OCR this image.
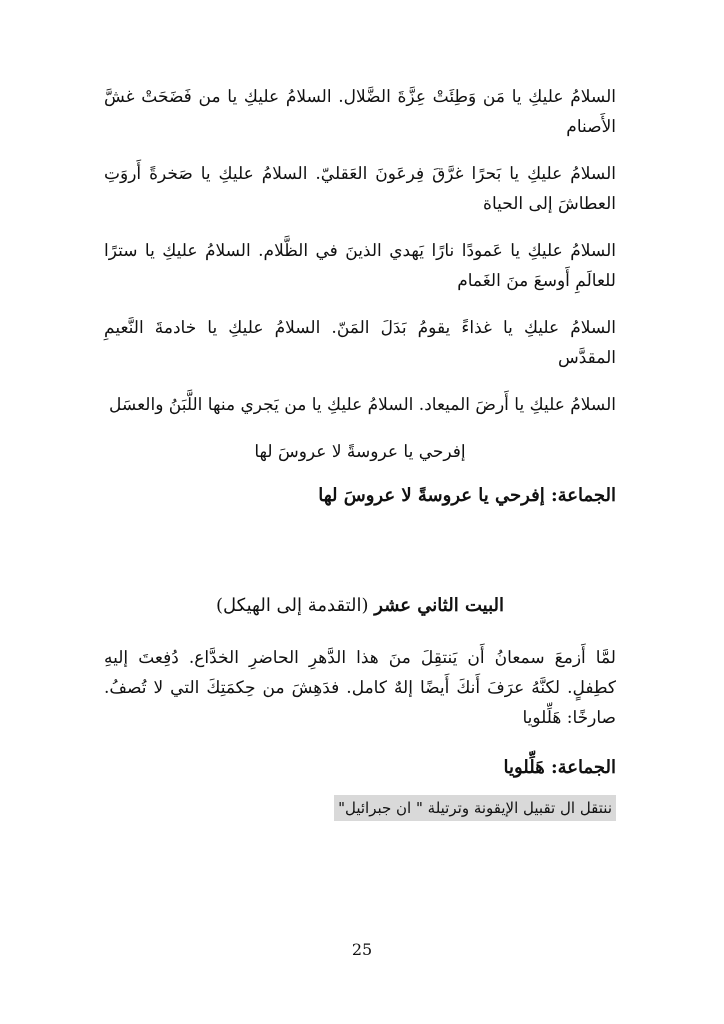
السلامُ عليكِ يا مَن وَطِئَتْ عِزَّةَ الضَّلال. السلامُ عليكِ يا من فَضَحَتْ غشَّ الأَصنام

السلامُ عليكِ يا بَحرًا غرَّقَ فِرعَونَ العَقليّ. السلامُ عليكِ يا صَخرةً أَروَتِ العطاشَ إلى الحياة

السلامُ عليكِ يا عَمودًا نارًا يَهدي الذينَ في الظَّلام. السلامُ عليكِ يا سترًا للعالَمِ أَوسعَ منَ الغَمام

السلامُ عليكِ يا غذاءً يقومُ بَدَلَ المَنّ. السلامُ عليكِ يا خادمةَ النَّعيمِ المقدَّس

السلامُ عليكِ يا أَرضَ الميعاد. السلامُ عليكِ يا من يَجري منها اللَّبَنُ والعسَل

إفرحي يا عروسةً لا عروسَ لها

الجماعة: إفرحي يا عروسةً لا عروسَ لها

البيت الثاني عشر (التقدمة إلى الهيكل)

لمَّا أَزمعَ سمعانُ أَن يَنتقِلَ منَ هذا الدَّهرِ الحاضرِ الخدَّاع. دُفِعتَ إليهِ كطِفلٍ. لكنَّهُ عرَفَ أَنكَ أَيضًا إلهٌ كامل. فدَهِشَ من حِكمَتِكَ التي لا تُصفُ. صارخًا: هَلِّلويا

الجماعة: هَلِّلويا

ننتقل ال تقبيل الإيقونة وترتيلة " ان جبرائيل"
25
